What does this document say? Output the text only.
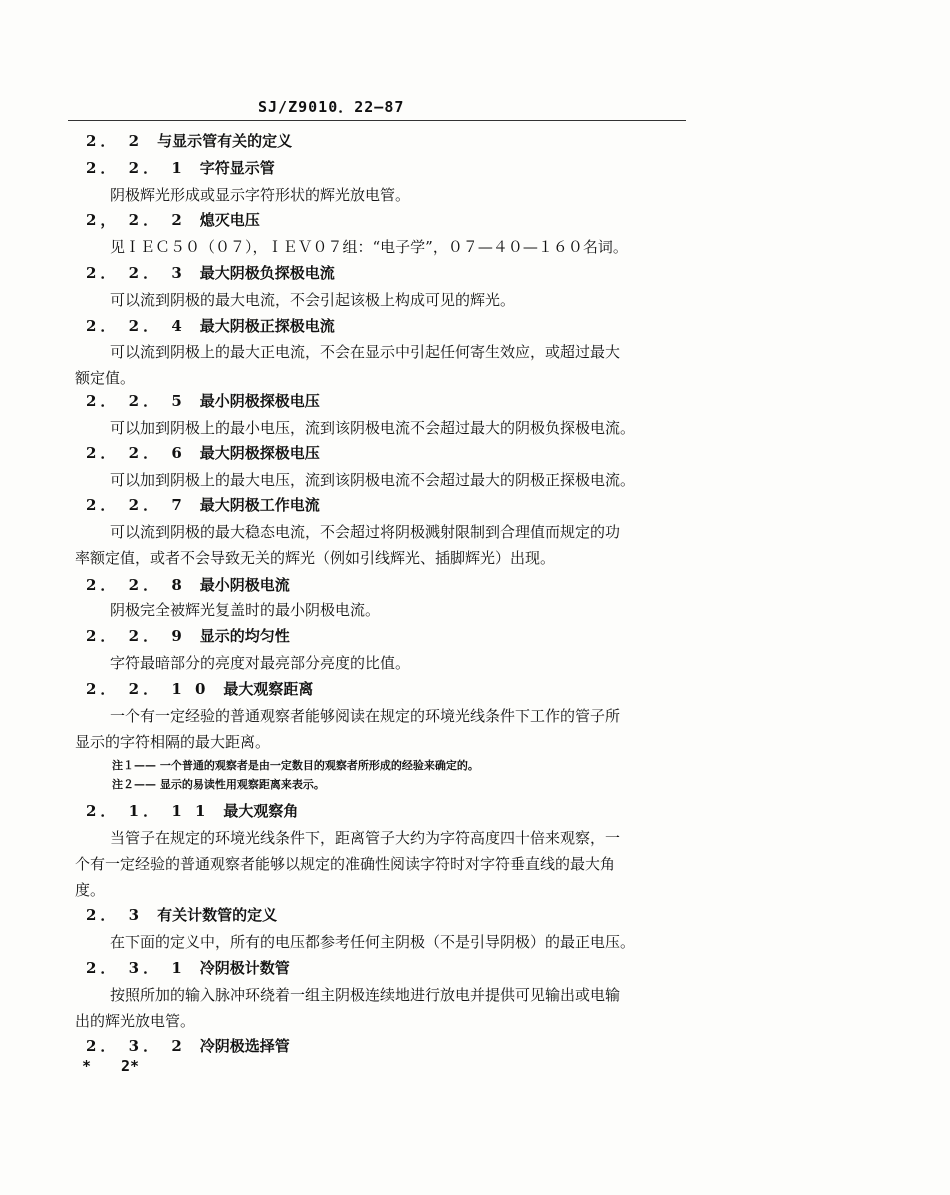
SJ/Z9010．22—87
2． 2 与显示管有关的定义
2． 2． 1 字符显示管
阴极辉光形成或显示字符形状的辉光放电管。
2， 2． 2 熄灭电压
见ＩＥＣ５０（０７），ＩＥＶ０７组：“电子学”，０７—４０—１６０名词。
2． 2． 3 最大阴极负探极电流
可以流到阴极的最大电流，不会引起该极上构成可见的辉光。
2． 2． 4 最大阴极正探极电流
可以流到阴极上的最大正电流，不会在显示中引起任何寄生效应，或超过最大
额定值。
2． 2． 5 最小阴极探极电压
可以加到阴极上的最小电压，流到该阴极电流不会超过最大的阴极负探极电流。
2． 2． 6 最大阴极探极电压
可以加到阴极上的最大电压，流到该阴极电流不会超过最大的阴极正探极电流。
2． 2． 7 最大阴极工作电流
可以流到阴极的最大稳态电流，不会超过将阴极溅射限制到合理值而规定的功
率额定值，或者不会导致无关的辉光（例如引线辉光、插脚辉光）出现。
2． 2． 8 最小阴极电流
阴极完全被辉光复盖时的最小阴极电流。
2． 2． 9 显示的均匀性
字符最暗部分的亮度对最亮部分亮度的比值。
2． 2． 1 0 最大观察距离
一个有一定经验的普通观察者能够阅读在规定的环境光线条件下工作的管子所
显示的字符相隔的最大距离。
注１—— 一个普通的观察者是由一定数目的观察者所形成的经验来确定的。
注２—— 显示的易读性用观察距离来表示。
2． 1． 1 1 最大观察角
当管子在规定的环境光线条件下，距离管子大约为字符高度四十倍来观察，一
个有一定经验的普通观察者能够以规定的准确性阅读字符时对字符垂直线的最大角
度。
2． 3 有关计数管的定义
在下面的定义中，所有的电压都参考任何主阴极（不是引导阴极）的最正电压。
2． 3． 1 冷阴极计数管
按照所加的输入脉冲环绕着一组主阴极连续地进行放电并提供可见输出或电输
出的辉光放电管。
2． 3． 2 冷阴极选择管
*　　2*
